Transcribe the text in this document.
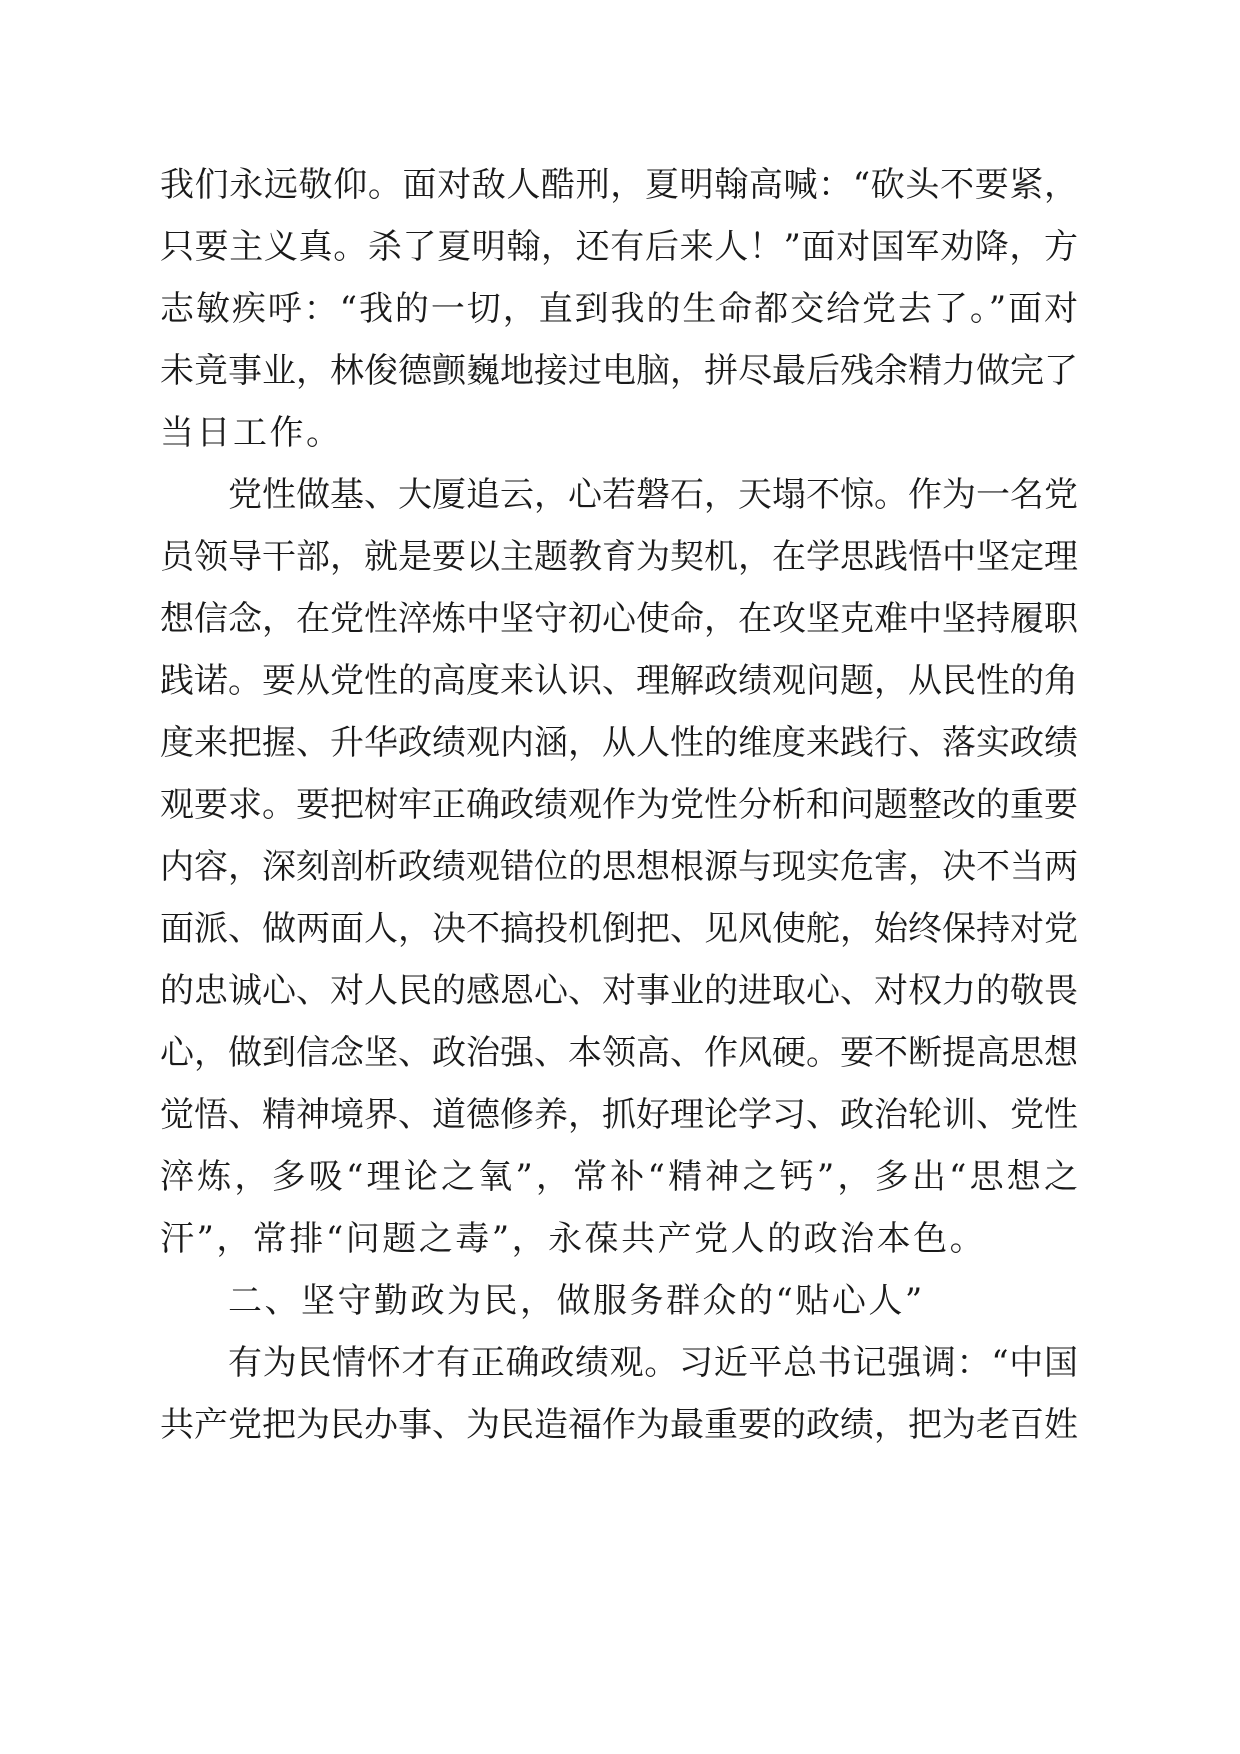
我们永远敬仰。面对敌人酷刑，夏明翰高喊：“砍头不要紧，
只要主义真。杀了夏明翰，还有后来人！”面对国军劝降，方
志敏疾呼：“我的一切，直到我的生命都交给党去了。”面对
未竟事业，林俊德颤巍地接过电脑，拼尽最后残余精力做完了
当日工作。
党性做基、大厦追云，心若磐石，天塌不惊。作为一名党
员领导干部，就是要以主题教育为契机，在学思践悟中坚定理
想信念，在党性淬炼中坚守初心使命，在攻坚克难中坚持履职
践诺。要从党性的高度来认识、理解政绩观问题，从民性的角
度来把握、升华政绩观内涵，从人性的维度来践行、落实政绩
观要求。要把树牢正确政绩观作为党性分析和问题整改的重要
内容，深刻剖析政绩观错位的思想根源与现实危害，决不当两
面派、做两面人，决不搞投机倒把、见风使舵，始终保持对党
的忠诚心、对人民的感恩心、对事业的进取心、对权力的敬畏
心，做到信念坚、政治强、本领高、作风硬。要不断提高思想
觉悟、精神境界、道德修养，抓好理论学习、政治轮训、党性
淬炼，多吸“理论之氧”，常补“精神之钙”，多出“思想之
汗”，常排“问题之毒”，永葆共产党人的政治本色。
二、坚守勤政为民，做服务群众的“贴心人”
有为民情怀才有正确政绩观。习近平总书记强调：“中国
共产党把为民办事、为民造福作为最重要的政绩，把为老百姓
